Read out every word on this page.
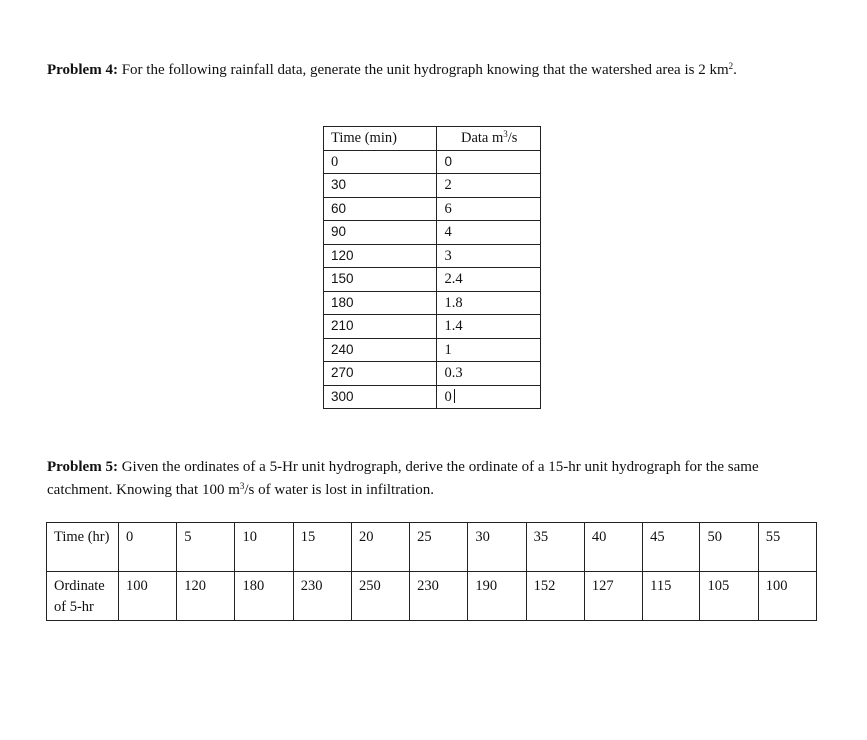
Problem 4: For the following rainfall data, generate the unit hydrograph knowing that the watershed area is 2 $km^2$.

Time (min)	Data $m^3/s$
0	0
30	2
60	6
90	4
120	3
150	2.4
180	1.8
210	1.4
240	1
270	0.3
300	0

Problem 5: Given the ordinates of a 5-Hr unit hydrograph, derive the ordinate of a 15-hr unit hydrograph for the same catchment. Knowing that 100 $m^3/s$ of water is lost in infiltration.

Time (hr)	0	5	10	15	20	25	30	35	40	45	50	55
Ordinate of 5-hr	100	120	180	230	250	230	190	152	127	115	105	100
